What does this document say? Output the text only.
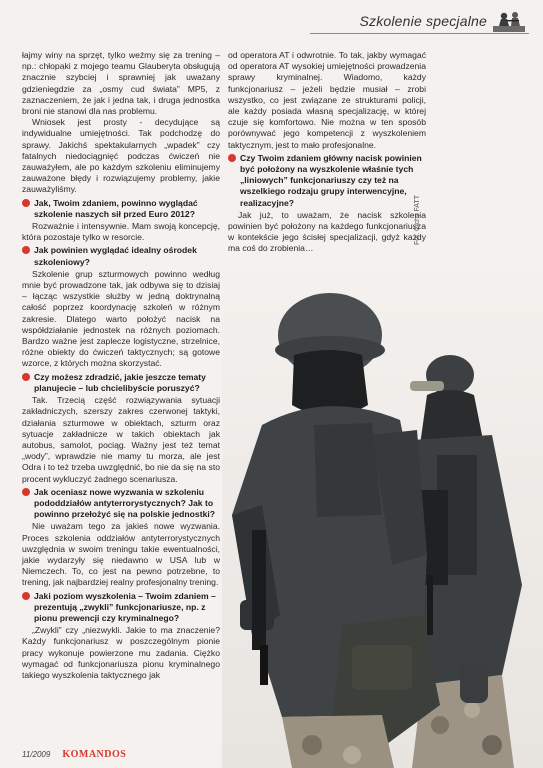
Szkolenie specjalne

łajmy winy na sprzęt, tylko weźmy się za trening – np.: chłopaki z mojego teamu Glauberyta obsługują znacznie szybciej i sprawniej jak uważany gdzieniegdzie za „osmy cud świata” MP5, z zaznaczeniem, że jak i jedna tak, i druga jednostka broni nie stanowi dla nas problemu.

Wniosek jest prosty - decydujące są indywidualne umiejętności. Tak podchodzę do sprawy. Jakichś spektakularnych „wpadek” czy fatalnych niedociągnięć podczas ćwiczeń nie zauważyłem, ale po każdym szkoleniu eliminujemy zauważone błędy i rozwiązujemy problemy, jakie zauważyliśmy.

Jak, Twoim zdaniem, powinno wyglądać szkolenie naszych sił przed Euro 2012?

Rozważnie i intensywnie. Mam swoją koncepcję, która pozostaje tylko w resorcie.

Jak powinien wyglądać idealny ośrodek szkoleniowy?

Szkolenie grup szturmowych powinno według mnie być prowadzone tak, jak odbywa się to dzisiaj – łącząc wszystkie służby w jedną doktrynalną całość poprzez koordynację szkoleń w różnym zakresie. Dlatego warto położyć nacisk na współdziałanie jednostek na różnych poziomach. Bardzo ważne jest zaplecze logistyczne, strzelnice, różne obiekty do ćwiczeń taktycznych; są gotowe wzorce, z których można skorzystać.

Czy możesz zdradzić, jakie jeszcze tematy planujecie – lub chcielibyście poruszyć?

Tak. Trzecią część rozwiązywania sytuacji zakładniczych, szerszy zakres czerwonej taktyki, działania szturmowe w obiektach, szturm oraz sytuacje zakładnicze w takich obiektach jak autobus, samolot, pociąg. Ważny jest też temat „wody”, wprawdzie nie mamy tu morza, ale jest Odra i to też trzeba uwzględnić, bo nie da się na sto procent wykluczyć żadnego scenariusza.

Jak oceniasz nowe wyzwania w szkoleniu pododdziałów antyterrorystycznych? Jak to powinno przełożyć się na polskie jednostki?

Nie uważam tego za jakieś nowe wyzwania. Proces szkolenia oddziałów antyterrorystycznych uwzględnia w swoim treningu takie ewentualności, jakie wydarzyły się niedawno w USA lub w Niemczech. To, co jest na pewno potrzebne, to trening, jak najbardziej realny profesjonalny trening.

Jaki poziom wyszkolenia – Twoim zdaniem – prezentują „zwykli” funkcjonariusze, np. z pionu prewencji czy kryminalnego?

„Zwykli” czy „niezwykli. Jakie to ma znaczenie? Każdy funkcjonariusz w poszczególnym pionie pracy wykonuje powierzone mu zadania. Ciężko wymagać od funkcjonariusza pionu kryminalnego takiego wyszkolenia taktycznego jak

od operatora AT i odwrotnie. To tak, jakby wymagać od operatora AT wysokiej umiejętności prowadzenia sprawy kryminalnej. Wiadomo, każdy funkcjonariusz – jeżeli będzie musiał – zrobi wszystko, co jest związane ze strukturami policji, ale każdy posiada własną specjalizację, w której czuje się komfortowo. Nie można w ten sposób porównywać jego kompetencji z wyszkoleniem taktycznym, jest to mało profesjonalne.

Czy Twoim zdaniem główny nacisk powinien być położony na wyszkolenie właśnie tych „liniowych” funkcjonariuszy czy też na wszelkiego rodzaju grupy interwencyjne, realizacyjne?

Jak już, to uważam, że nacisk szkolenia powinien być położony na każdego funkcjonariusza w kontekście jego ścisłej specjalizacji, gdyż każdy ma coś do zrobienia…

Fot. Cichy FATT
11/2009 KOMANDOS
